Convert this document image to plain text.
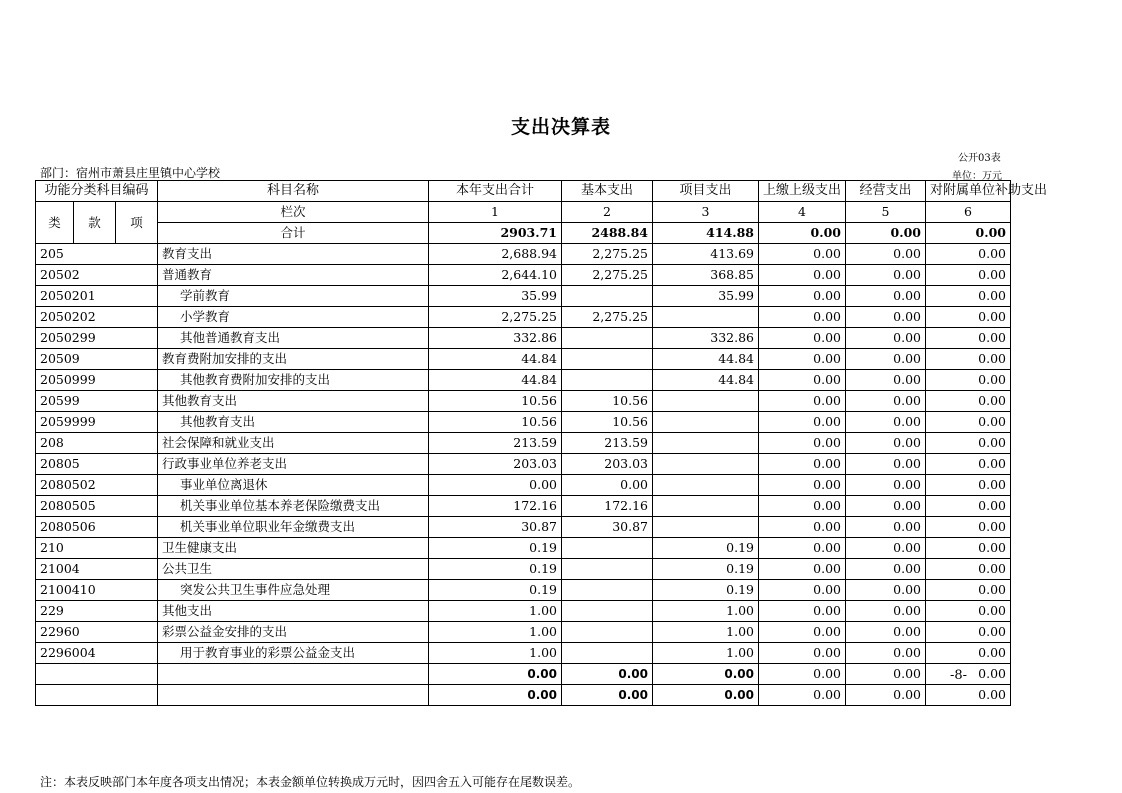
支出决算表
公开03表
单位：万元
部门：宿州市萧县庄里镇中心学校
功能分类科目编码			科目名称	本年支出合计	基本支出	项目支出	上缴上级支出	经营支出	对附属单位补助支出
类	款	项	栏次	1	2	3	4	5	6
			合计	2903.71	2488.84	414.88	0.00	0.00	0.00
205			教育支出	2,688.94	2,275.25	413.69	0.00	0.00	0.00
20502			普通教育	2,644.10	2,275.25	368.85	0.00	0.00	0.00
2050201			学前教育	35.99		35.99	0.00	0.00	0.00
2050202			小学教育	2,275.25	2,275.25		0.00	0.00	0.00
2050299			其他普通教育支出	332.86		332.86	0.00	0.00	0.00
20509			教育费附加安排的支出	44.84		44.84	0.00	0.00	0.00
2050999			其他教育费附加安排的支出	44.84		44.84	0.00	0.00	0.00
20599			其他教育支出	10.56	10.56		0.00	0.00	0.00
2059999			其他教育支出	10.56	10.56		0.00	0.00	0.00
208			社会保障和就业支出	213.59	213.59		0.00	0.00	0.00
20805			行政事业单位养老支出	203.03	203.03		0.00	0.00	0.00
2080502			事业单位离退休	0.00	0.00		0.00	0.00	0.00
2080505			机关事业单位基本养老保险缴费支出	172.16	172.16		0.00	0.00	0.00
2080506			机关事业单位职业年金缴费支出	30.87	30.87		0.00	0.00	0.00
210			卫生健康支出	0.19		0.19	0.00	0.00	0.00
21004			公共卫生	0.19		0.19	0.00	0.00	0.00
2100410			突发公共卫生事件应急处理	0.19		0.19	0.00	0.00	0.00
229			其他支出	1.00		1.00	0.00	0.00	0.00
22960			彩票公益金安排的支出	1.00		1.00	0.00	0.00	0.00
2296004			用于教育事业的彩票公益金支出	1.00		1.00	0.00	0.00	0.00
				0.00	0.00	0.00	0.00	0.00	0.00
				0.00	0.00	0.00	0.00	0.00	0.00
-8-
注：本表反映部门本年度各项支出情况；本表金额单位转换成万元时，因四舍五入可能存在尾数误差。
